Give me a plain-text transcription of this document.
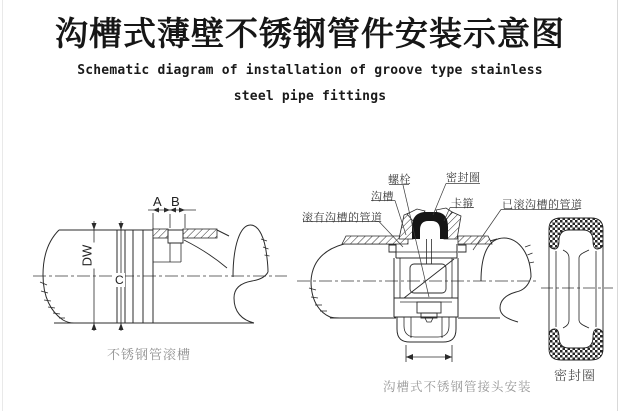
沟槽式薄壁不锈钢管件安装示意图
Schematic diagram of installation of groove type stainless
steel pipe fittings
A B
DW
C
不锈钢管滚槽
螺栓	密封圈
沟槽
卡箍
滚有沟槽的管道
已滚沟槽的管道
沟槽式不锈钢管接头安装
密封圈
